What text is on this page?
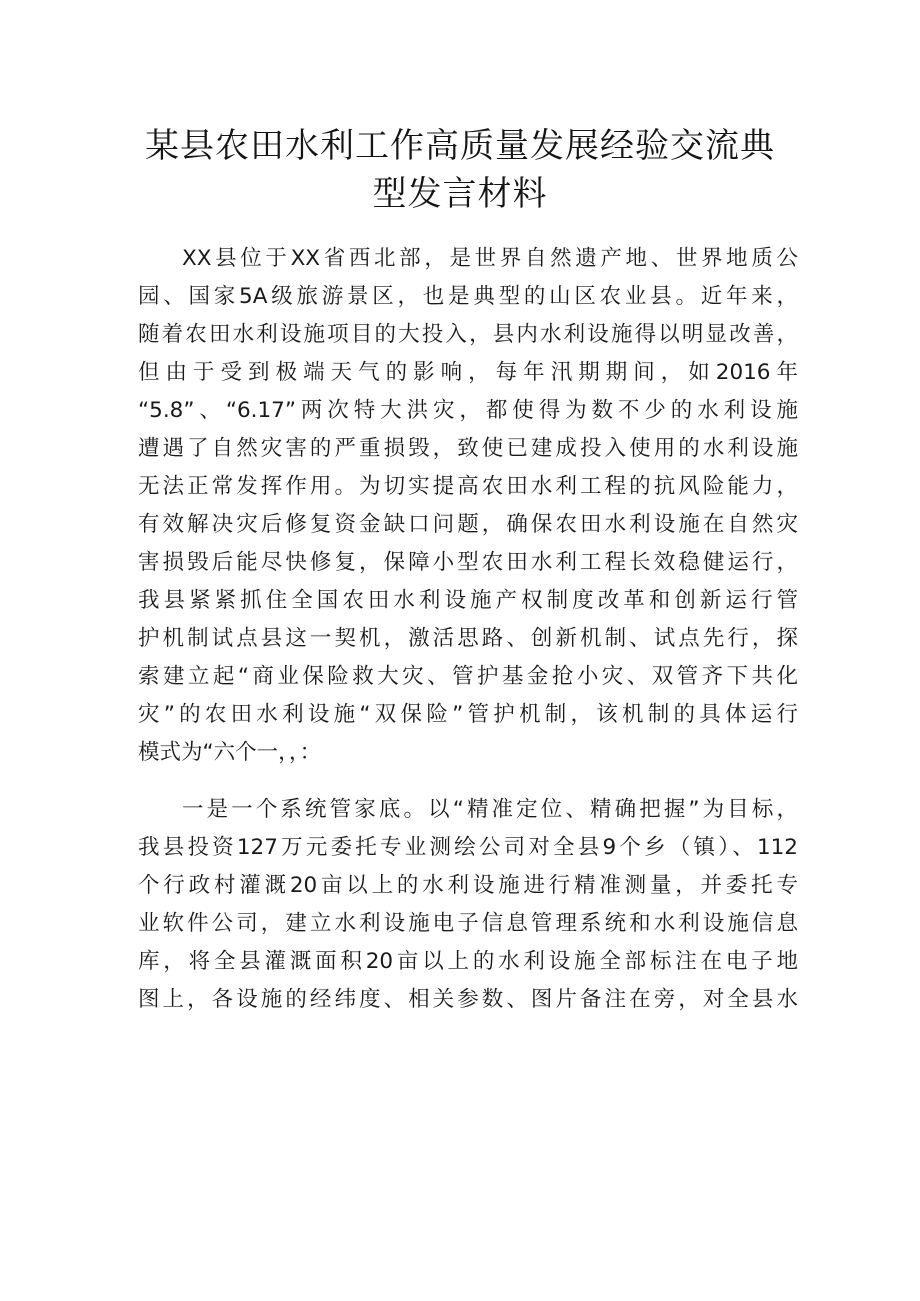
某县农田水利工作高质量发展经验交流典
型发言材料
XX县位于XX省西北部，是世界自然遗产地、世界地质公
园、国家5A级旅游景区，也是典型的山区农业县。近年来，
随着农田水利设施项目的大投入，县内水利设施得以明显改善，
但由于受到极端天气的影响，每年汛期期间，如2016年
“5.8”、“6.17”两次特大洪灾，都使得为数不少的水利设施
遭遇了自然灾害的严重损毁，致使已建成投入使用的水利设施
无法正常发挥作用。为切实提高农田水利工程的抗风险能力，
有效解决灾后修复资金缺口问题，确保农田水利设施在自然灾
害损毁后能尽快修复，保障小型农田水利工程长效稳健运行，
我县紧紧抓住全国农田水利设施产权制度改革和创新运行管
护机制试点县这一契机，激活思路、创新机制、试点先行，探
索建立起“商业保险救大灾、管护基金抢小灾、双管齐下共化
灾”的农田水利设施“双保险”管护机制，该机制的具体运行
模式为“六个一，，：
一是一个系统管家底。以“精准定位、精确把握”为目标，
我县投资127万元委托专业测绘公司对全县9个乡（镇）、112
个行政村灌溉20亩以上的水利设施进行精准测量，并委托专
业软件公司，建立水利设施电子信息管理系统和水利设施信息
库，将全县灌溉面积20亩以上的水利设施全部标注在电子地
图上，各设施的经纬度、相关参数、图片备注在旁，对全县水
